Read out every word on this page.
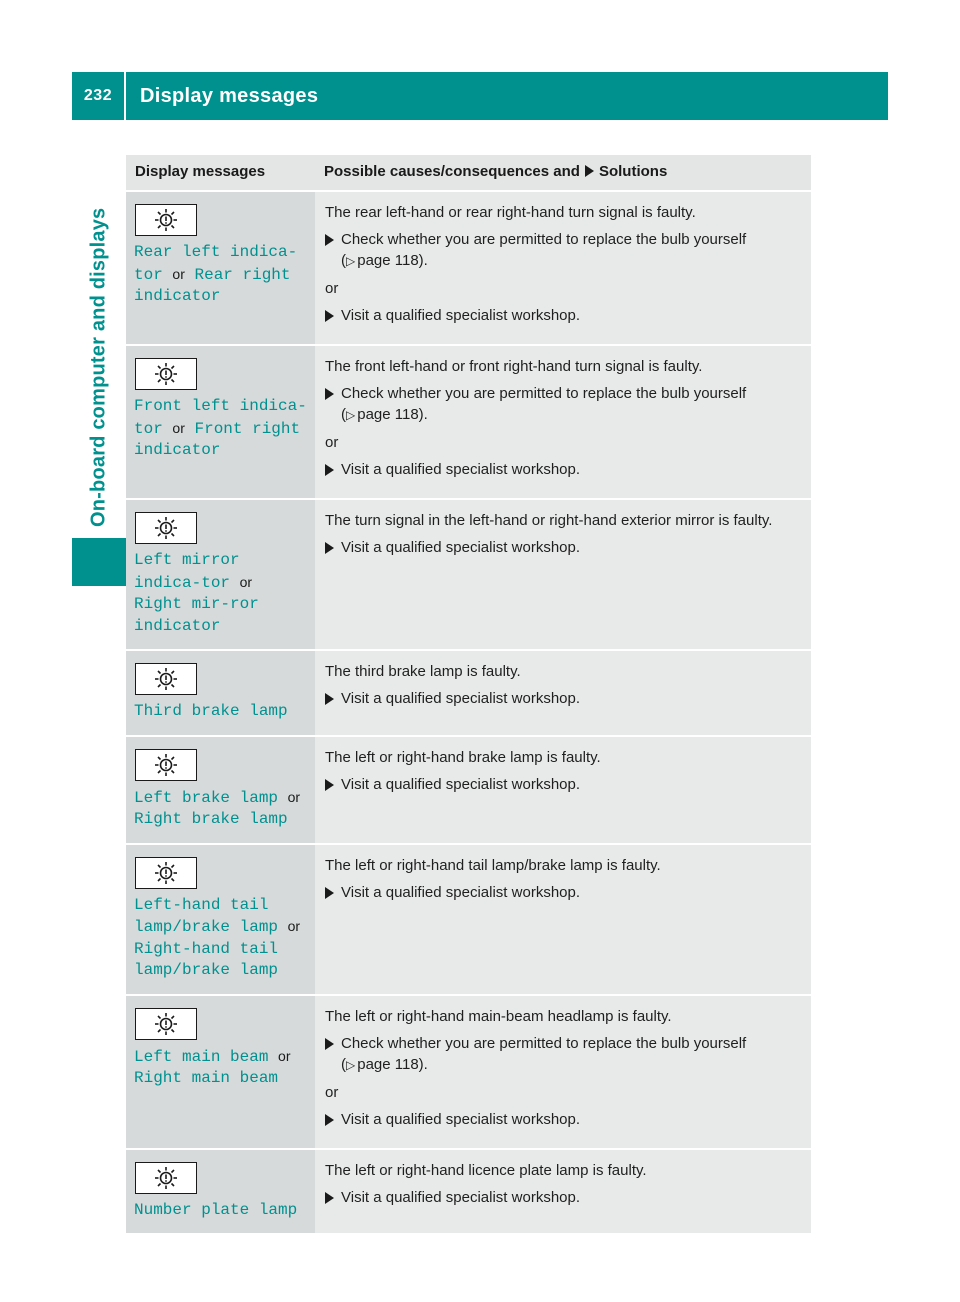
232	Display messages
On-board computer and displays
Display messages	Possible causes/consequences and Solutions

Rear left indica-tor or Rear right indicator	The rear left-hand or rear right-hand turn signal is faulty.
Check whether you are permitted to replace the bulb yourself
(▷ page 118).
or
Visit a qualified specialist workshop.

Front left indica-tor or Front right indicator	The front left-hand or front right-hand turn signal is faulty.
Check whether you are permitted to replace the bulb yourself
(▷ page 118).
or
Visit a qualified specialist workshop.

Left mirror indica-tor or Right mir-ror indicator	The turn signal in the left-hand or right-hand exterior mirror is faulty.
Visit a qualified specialist workshop.

Third brake lamp	The third brake lamp is faulty.
Visit a qualified specialist workshop.

Left brake lamp or Right brake lamp	The left or right-hand brake lamp is faulty.
Visit a qualified specialist workshop.

Left-hand tail lamp/brake lamp or Right-hand tail lamp/brake lamp	The left or right-hand tail lamp/brake lamp is faulty.
Visit a qualified specialist workshop.

Left main beam or Right main beam	The left or right-hand main-beam headlamp is faulty.
Check whether you are permitted to replace the bulb yourself
(▷ page 118).
or
Visit a qualified specialist workshop.

Number plate lamp	The left or right-hand licence plate lamp is faulty.
Visit a qualified specialist workshop.
